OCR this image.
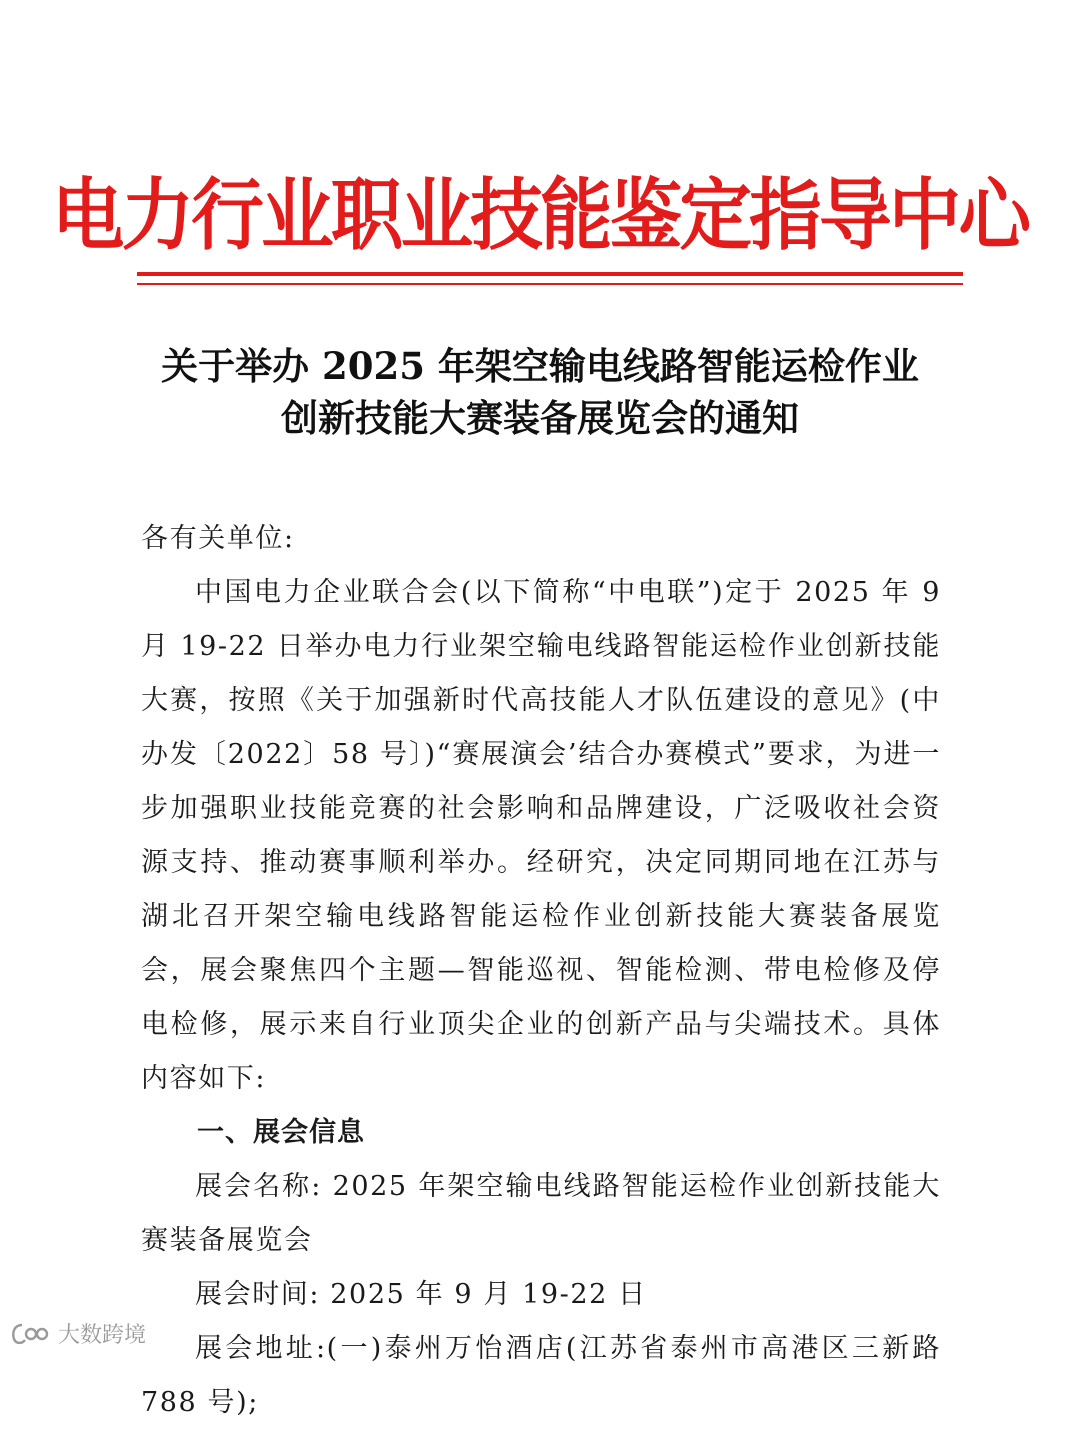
电力行业职业技能鉴定指导中心
关于举办 2025 年架空输电线路智能运检作业
创新技能大赛装备展览会的通知

各有关单位:

中国电力企业联合会(以下简称“中电联”)定于 2025 年 9 月 19-22 日举办电力行业架空输电线路智能运检作业创新技能大赛，按照《关于加强新时代高技能人才队伍建设的意见》(中办发〔2022〕58 号〕)“赛展演会’结合办赛模式”要求，为进一步加强职业技能竞赛的社会影响和品牌建设，广泛吸收社会资源支持、推动赛事顺利举办。经研究，决定同期同地在江苏与湖北召开架空输电线路智能运检作业创新技能大赛装备展览会，展会聚焦四个主题—智能巡视、智能检测、带电检修及停电检修，展示来自行业顶尖企业的创新产品与尖端技术。具体内容如下:

一、展会信息

展会名称: 2025 年架空输电线路智能运检作业创新技能大赛装备展览会

展会时间: 2025 年 9 月 19-22 日

展会地址:(一)泰州万怡酒店(江苏省泰州市高港区三新路 788 号);

大数跨境
